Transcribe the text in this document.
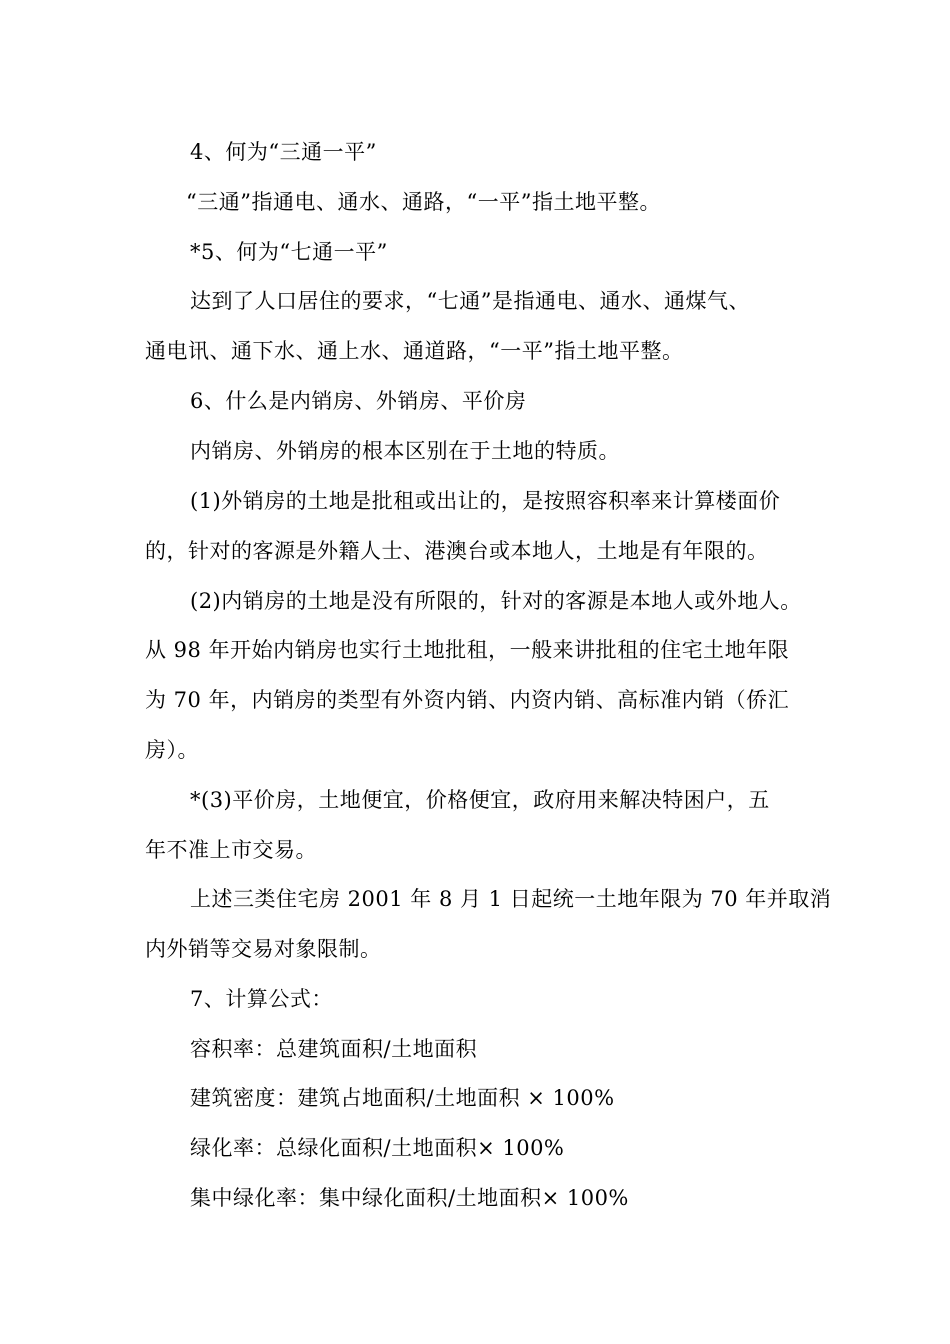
4、何为“三通一平”
“三通”指通电、通水、通路，“一平”指土地平整。
*5、何为“七通一平”
达到了人口居住的要求，“七通”是指通电、通水、通煤气、
通电讯、通下水、通上水、通道路，“一平”指土地平整。
6、什么是内销房、外销房、平价房
内销房、外销房的根本区别在于土地的特质。
(1)外销房的土地是批租或出让的，是按照容积率来计算楼面价
的，针对的客源是外籍人士、港澳台或本地人，土地是有年限的。
(2)内销房的土地是没有所限的，针对的客源是本地人或外地人。
从 98 年开始内销房也实行土地批租，一般来讲批租的住宅土地年限
为 70 年，内销房的类型有外资内销、内资内销、高标准内销（侨汇
房）。
*(3)平价房，土地便宜，价格便宜，政府用来解决特困户，五
年不准上市交易。
上述三类住宅房 2001 年 8 月 1 日起统一土地年限为 70 年并取消
内外销等交易对象限制。
7、计算公式：
容积率：总建筑面积/土地面积
建筑密度：建筑占地面积/土地面积 × 100%
绿化率：总绿化面积/土地面积× 100%
集中绿化率：集中绿化面积/土地面积× 100%
